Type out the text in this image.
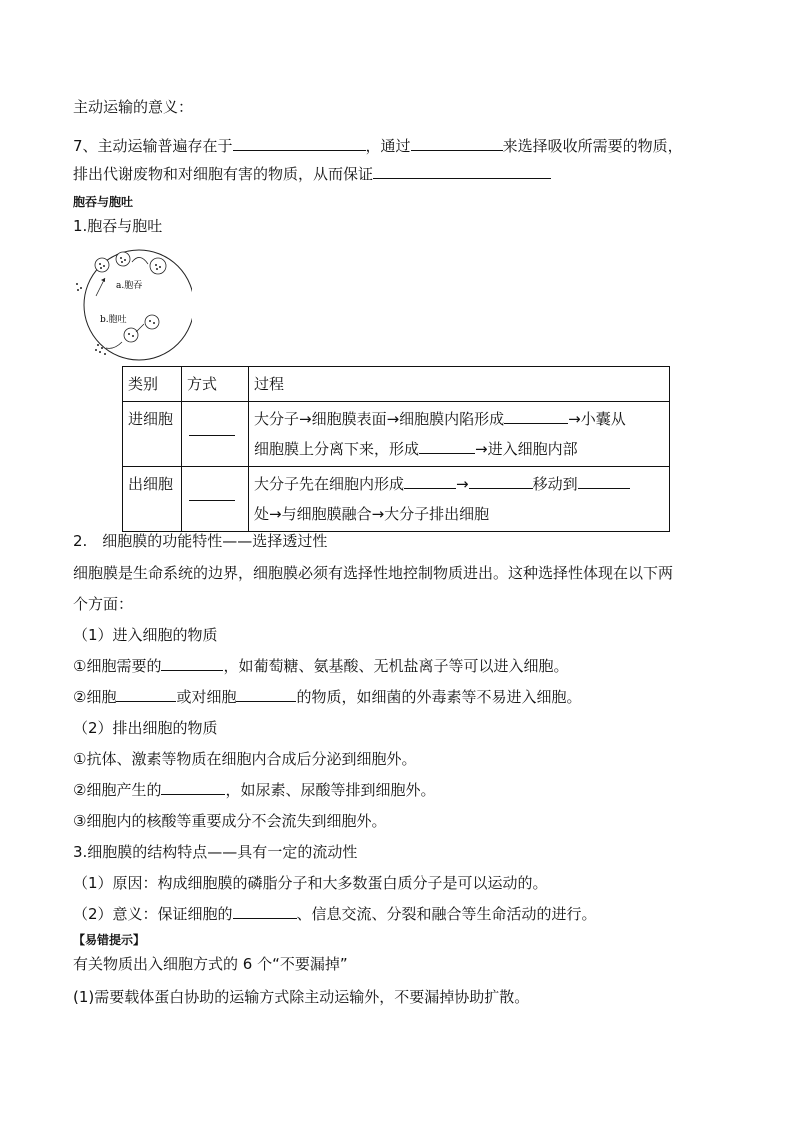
主动运输的意义：
7、主动运输普遍存在于	，通过	来选择吸收所需要的物质，
排出代谢废物和对细胞有害的物质，从而保证
胞吞与胞吐
1.胞吞与胞吐
a.胞吞
b.胞吐
类别	方式	过程
进细胞		大分子→细胞膜表面→细胞膜内陷形成 →小囊从
细胞膜上分离下来，形成 →进入细胞内部
出细胞		大分子先在细胞内形成 → 移动到
处→与细胞膜融合→大分子排出细胞
2.　细胞膜的功能特性——选择透过性
细胞膜是生命系统的边界，细胞膜必须有选择性地控制物质进出。这种选择性体现在以下两
个方面：
（1）进入细胞的物质
①细胞需要的	，如葡萄糖、氨基酸、无机盐离子等可以进入细胞。
②细胞	或对细胞	的物质，如细菌的外毒素等不易进入细胞。
（2）排出细胞的物质
①抗体、激素等物质在细胞内合成后分泌到细胞外。
②细胞产生的	，如尿素、尿酸等排到细胞外。
③细胞内的核酸等重要成分不会流失到细胞外。
3.细胞膜的结构特点——具有一定的流动性
（1）原因：构成细胞膜的磷脂分子和大多数蛋白质分子是可以运动的。
（2）意义：保证细胞的	、信息交流、分裂和融合等生命活动的进行。
【易错提示】
有关物质出入细胞方式的 6 个“不要漏掉”
(1)需要载体蛋白协助的运输方式除主动运输外，不要漏掉协助扩散。
